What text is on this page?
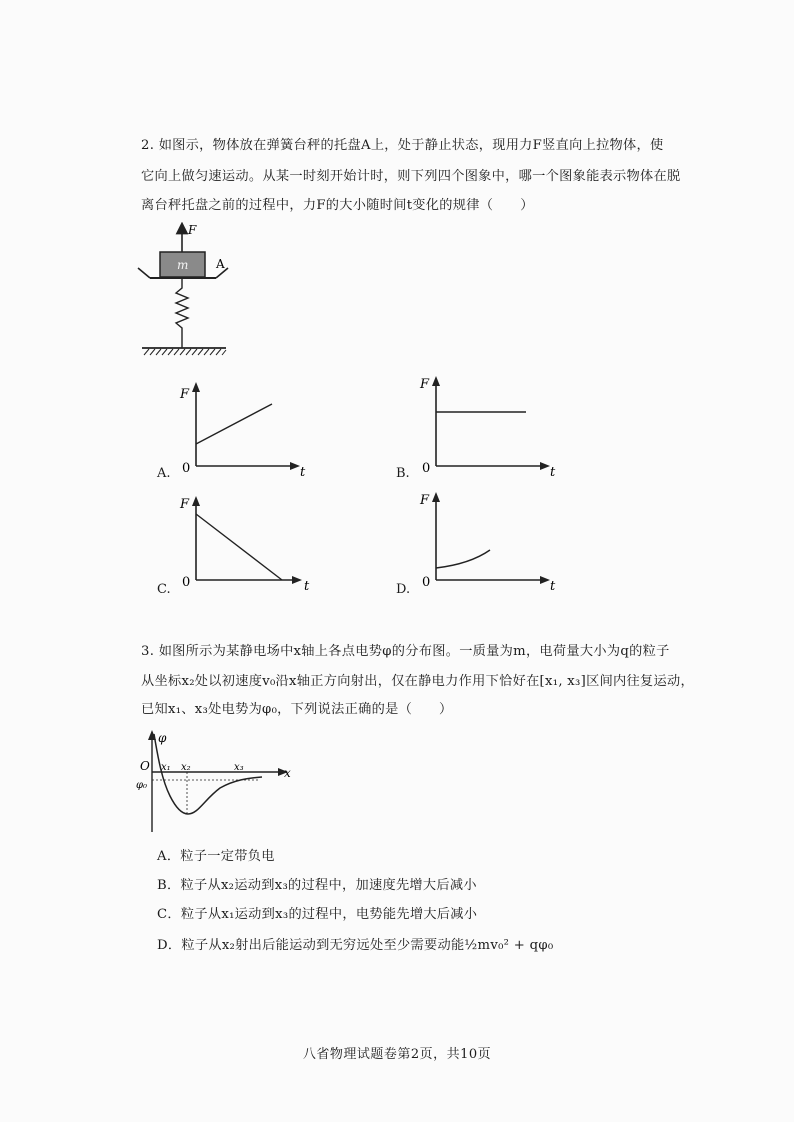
2. 如图示，物体放在弹簧台秤的托盘A上，处于静止状态，现用力F竖直向上拉物体，使
它向上做匀速运动。从某一时刻开始计时，则下列四个图象中，哪一个图象能表示物体在脱
离台秤托盘之前的过程中，力F的大小随时间t变化的规律（　　）
F
m A
A.
F
t
0	B.
F
t
0
C.
F
t
0	D.
F
t
0
3. 如图所示为某静电场中x轴上各点电势φ的分布图。一质量为m，电荷量大小为q的粒子
从坐标x₂处以初速度v₀沿x轴正方向射出，仅在静电力作用下恰好在[x₁, x₃]区间内往复运动，
已知x₁、x₃处电势为φ₀，下列说法正确的是（　　）
φ
x
O x₁ x₂	x₃
φ₀
A．粒子一定带负电
B．粒子从x₂运动到x₃的过程中，加速度先增大后减小
C．粒子从x₁运动到x₃的过程中，电势能先增大后减小
D．粒子从x₂射出后能运动到无穷远处至少需要动能½mv₀² + qφ₀
八省物理试题卷第2页，共10页
